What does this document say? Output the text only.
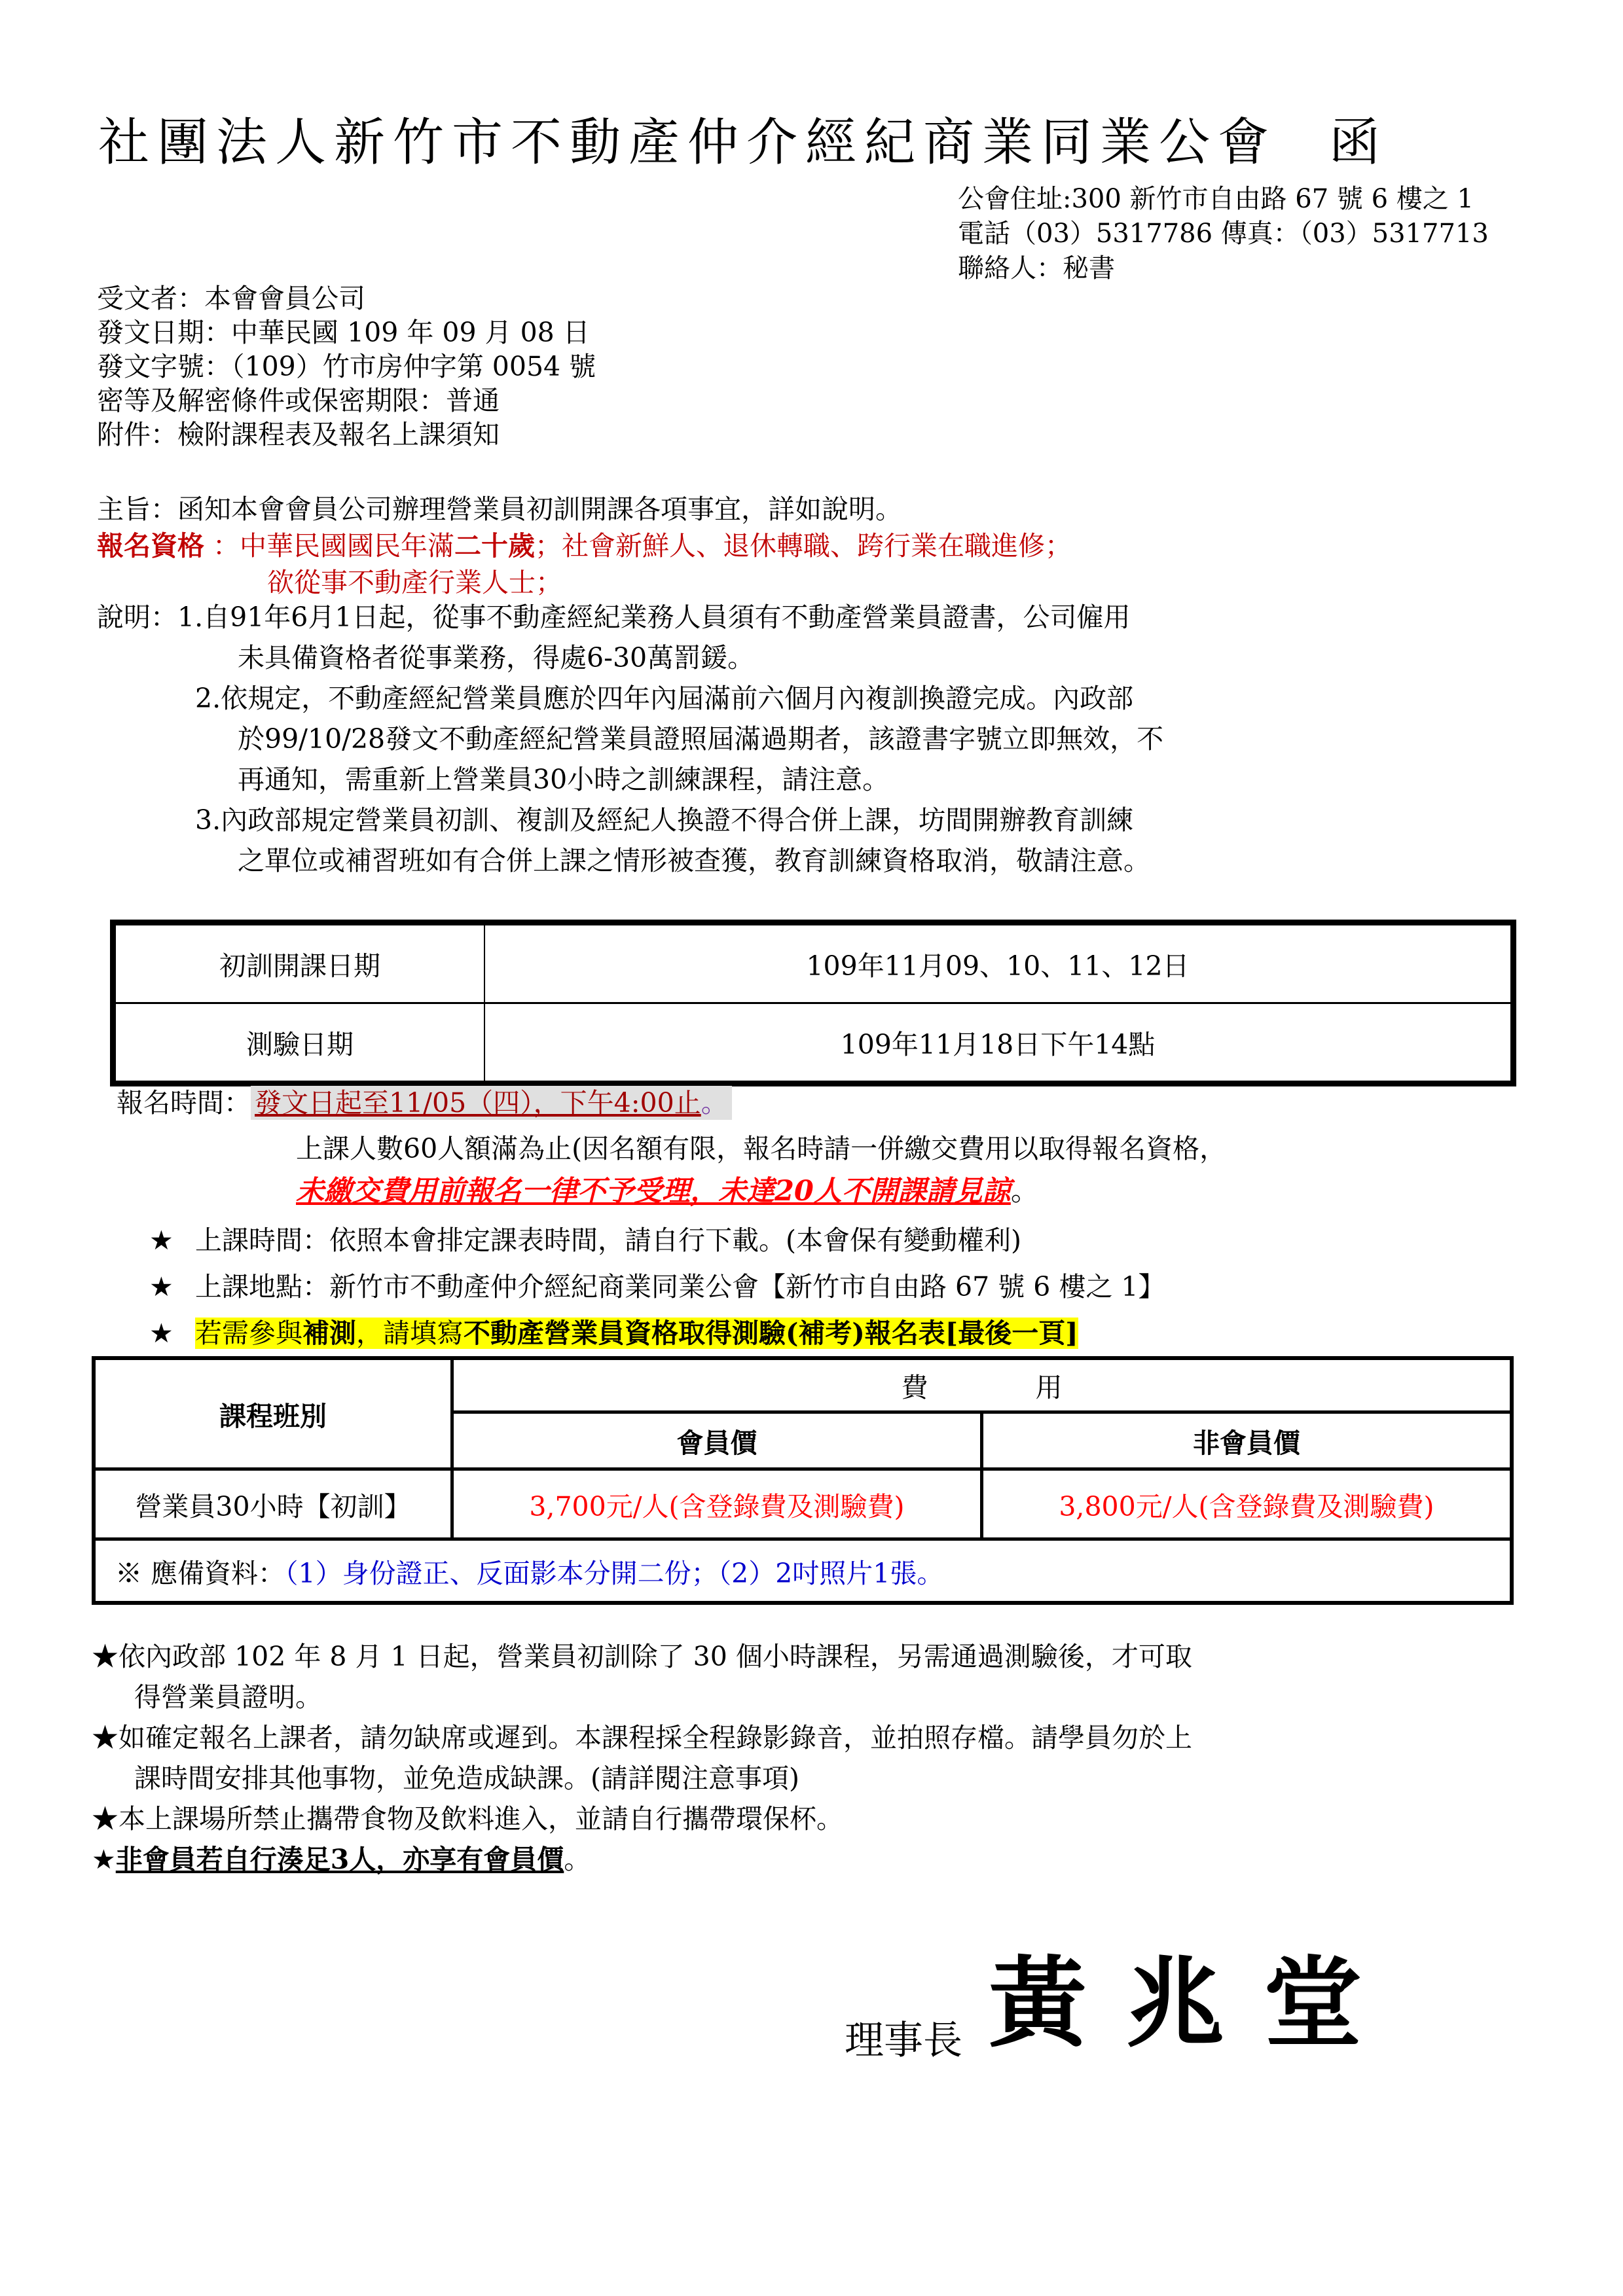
社團法人新竹市不動產仲介經紀商業同業公會 函
公會住址:300 新竹市自由路 67 號 6 樓之 1
電話（03）5317786 傳真：（03）5317713
聯絡人：秘書
受文者：本會會員公司
發文日期：中華民國 109 年 09 月 08 日
發文字號：（109）竹市房仲字第 0054 號
密等及解密條件或保密期限：普通
附件：檢附課程表及報名上課須知
主旨：函知本會會員公司辦理營業員初訓開課各項事宜，詳如說明。
報名資格 ：中華民國國民年滿二十歲；社會新鮮人、退休轉職、跨行業在職進修；
欲從事不動產行業人士；
說明：1.自91年6月1日起，從事不動產經紀業務人員須有不動產營業員證書，公司僱用
未具備資格者從事業務，得處6-30萬罰鍰。
2.依規定，不動產經紀營業員應於四年內屆滿前六個月內複訓換證完成。內政部
於99/10/28發文不動產經紀營業員證照屆滿過期者，該證書字號立即無效，不
再通知，需重新上營業員30小時之訓練課程，請注意。
3.內政部規定營業員初訓、複訓及經紀人換證不得合併上課，坊間開辦教育訓練
之單位或補習班如有合併上課之情形被查獲，教育訓練資格取消，敬請注意。
初訓開課日期	109年11月09、10、11、12日
測驗日期	109年11月18日下午14點
報名時間： 發文日起至11/05（四），下午4:00止。
上課人數60人額滿為止(因名額有限，報名時請一併繳交費用以取得報名資格，
未繳交費用前報名一律不予受理，未達20人不開課請見諒。
★ 上課時間：依照本會排定課表時間，請自行下載。(本會保有變動權利)
★ 上課地點：新竹市不動產仲介經紀商業同業公會【新竹市自由路 67 號 6 樓之 1】
★ 若需參與補測，請填寫不動產營業員資格取得測驗(補考)報名表[最後一頁]
課程班別	費　　　　用	
	會員價	非會員價
營業員30小時【初訓】	3,700元/人(含登錄費及測驗費)	3,800元/人(含登錄費及測驗費)
※ 應備資料：（1）身份證正、反面影本分開二份；（2）2吋照片1張。		
★依內政部 102 年 8 月 1 日起，營業員初訓除了 30 個小時課程，另需通過測驗後，才可取
得營業員證明。
★如確定報名上課者，請勿缺席或遲到。本課程採全程錄影錄音，並拍照存檔。請學員勿於上
課時間安排其他事物，並免造成缺課。(請詳閱注意事項)
★本上課場所禁止攜帶食物及飲料進入，並請自行攜帶環保杯。
★非會員若自行湊足3人，亦享有會員價。
理事長 黃兆堂
